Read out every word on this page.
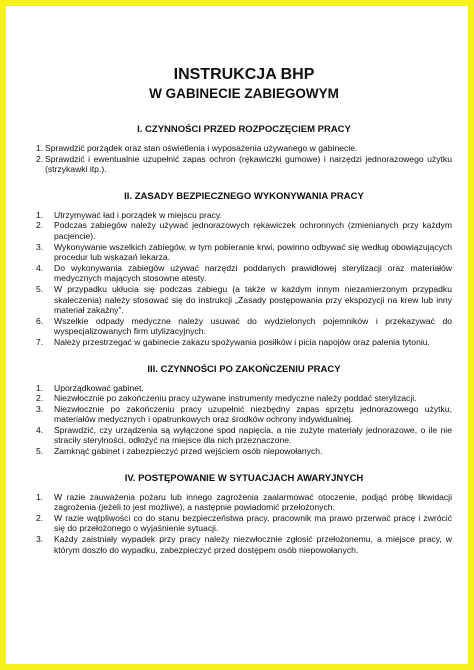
INSTRUKCJA BHP
W GABINECIE ZABIEGOWYM
I. CZYNNOŚCI PRZED ROZPOCZĘCIEM PRACY
1. Sprawdzić porządek oraz stan oświetlenia i wyposażenia używanego w gabinecie.
2. Sprawdzić i ewentualnie uzupełnić zapas ochron (rękawiczki gumowe) i narzędzi jednorazowego użytku (strzykawki itp.).
II. ZASADY BEZPIECZNEGO WYKONYWANIA PRACY
1. Utrzymywać ład i porządek w miejscu pracy.
2. Podczas zabiegów należy używać jednorazowych rękawiczek ochronnych (zmienianych przy każdym pacjencie).
3. Wykonywanie wszelkich zabiegów, w tym pobieranie krwi, powinno odbywać się według obowiązujących procedur lub wskazań lekarza.
4. Do wykonywania zabiegów używać narzędzi poddanych prawidłowej sterylizacji oraz materiałów medycznych mających stosowne atesty.
5. W przypadku ukłucia się podczas zabiegu (a także w każdym innym niezamierzonym przypadku skaleczenia) należy stosować się do instrukcji „Zasady postępowania przy ekspozycji na krew lub inny materiał zakaźny”.
6. Wszelkie odpady medyczne należy usuwać do wydzielonych pojemników i przekazywać do wyspecjalizowanych firm utylizacyjnych.
7. Należy przestrzegać w gabinecie zakazu spożywania posiłków i picia napojów oraz palenia tytoniu.
III. CZYNNOŚCI PO ZAKOŃCZENIU PRACY
1. Uporządkować gabinet.
2. Niezwłocznie po zakończeniu pracy używane instrumenty medyczne należy poddać sterylizacji.
3. Niezwłocznie po zakończeniu pracy uzupełnić niezbędny zapas sprzętu jednorazowego użytku, materiałów medycznych i opatrunkowych oraz środków ochrony indywidualnej.
4. Sprawdzić, czy urządzenia są wyłączone spod napięcia, a nie zużyte materiały jednorazowe, o ile nie straciły sterylności, odłożyć na miejsce dla nich przeznaczone.
5. Zamknąć gabinet i zabezpieczyć przed wejściem osób niepowołanych.
IV. POSTĘPOWANIE W SYTUACJACH AWARYJNYCH
1. W razie zauważenia pożaru lub innego zagrożenia zaalarmować otoczenie, podjąć próbę likwidacji zagrożenia (jeżeli to jest możliwe), a następnie powiadomić przełożonych.
2. W razie wątpliwości co do stanu bezpieczeństwa pracy, pracownik ma prawo przerwać pracę i zwrócić się do przełożonego o wyjaśnienie sytuacji.
3. Każdy zaistniały wypadek przy pracy należy niezwłocznie zgłosić przełożonemu, a miejsce pracy, w którym doszło do wypadku, zabezpieczyć przed dostępem osób niepowołanych.
